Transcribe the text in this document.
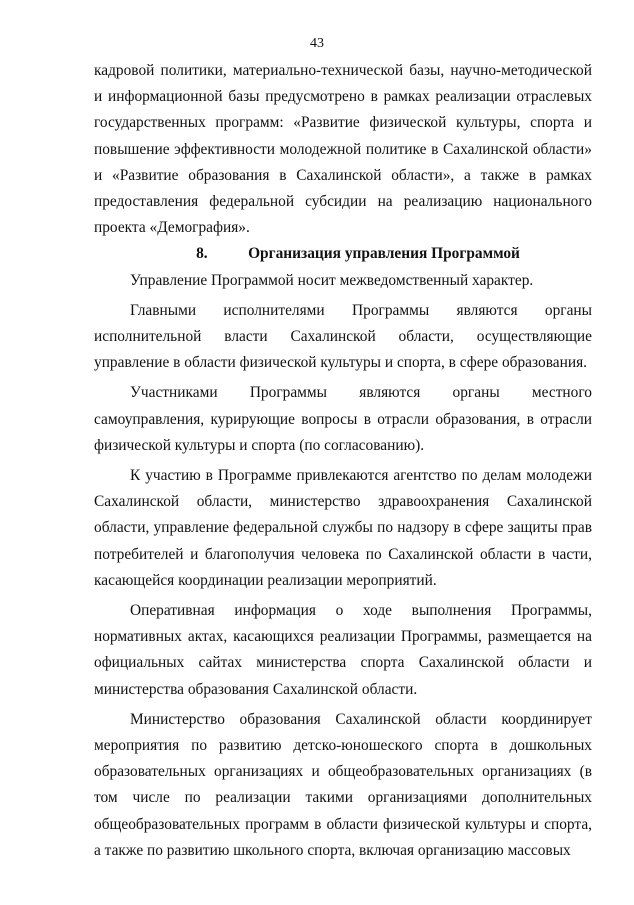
43

кадровой политики, материально-технической базы, научно-методической и информационной базы предусмотрено в рамках реализации отраслевых государственных программ: «Развитие физической культуры, спорта и повышение эффективности молодежной политике в Сахалинской области» и «Развитие образования в Сахалинской области», а также в рамках предоставления федеральной субсидии на реализацию национального проекта «Демография».

8.	Организация управления Программой

Управление Программой носит межведомственный характер.

Главными исполнителями Программы являются органы исполнительной власти Сахалинской области, осуществляющие управление в области физической культуры и спорта, в сфере образования.

Участниками Программы являются органы местного самоуправления, курирующие вопросы в отрасли образования, в отрасли физической культуры и спорта (по согласованию).

К участию в Программе привлекаются агентство по делам молодежи Сахалинской области, министерство здравоохранения Сахалинской области, управление федеральной службы по надзору в сфере защиты прав потребителей и благополучия человека по Сахалинской области в части, касающейся координации реализации мероприятий.

Оперативная информация о ходе выполнения Программы, нормативных актах, касающихся реализации Программы, размещается на официальных сайтах министерства спорта Сахалинской области и министерства образования Сахалинской области.

Министерство образования Сахалинской области координирует мероприятия по развитию детско-юношеского спорта в дошкольных образовательных организациях и общеобразовательных организациях (в том числе по реализации такими организациями дополнительных общеобразовательных программ в области физической культуры и спорта, а также по развитию школьного спорта, включая организацию массовых
